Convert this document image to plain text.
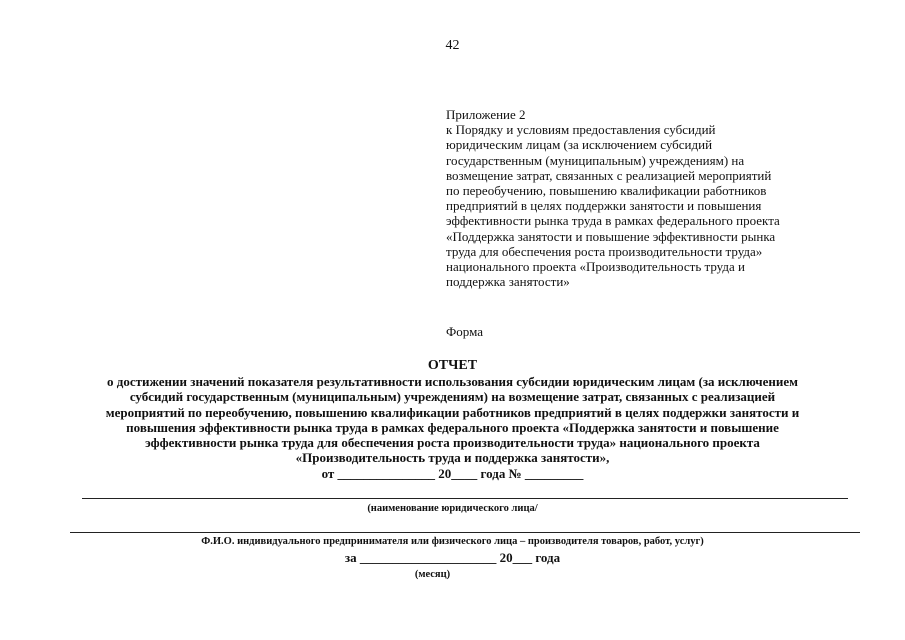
42
Приложение 2
к Порядку и условиям предоставления субсидий
юридическим лицам (за исключением субсидий
государственным (муниципальным) учреждениям) на
возмещение затрат, связанных с реализацией мероприятий
по переобучению, повышению квалификации работников
предприятий в целях поддержки занятости и повышения
эффективности рынка труда в рамках федерального проекта
«Поддержка занятости и повышение эффективности рынка
труда для обеспечения роста производительности труда»
национального проекта «Производительность труда и
поддержка занятости»
Форма
ОТЧЕТ
о достижении значений показателя результативности использования субсидии юридическим лицам (за исключением
субсидий государственным (муниципальным) учреждениям) на возмещение затрат, связанных с реализацией
мероприятий по переобучению, повышению квалификации работников предприятий в целях поддержки занятости и
повышения эффективности рынка труда в рамках федерального проекта «Поддержка занятости и повышение
эффективности рынка труда для обеспечения роста производительности труда» национального проекта
«Производительность труда и поддержка занятости»,
от _______________ 20____ года № _________
(наименование юридического лица/
Ф.И.О. индивидуального предпринимателя или физического лица – производителя товаров, работ, услуг)
за _____________________ 20___ года
(месяц)
